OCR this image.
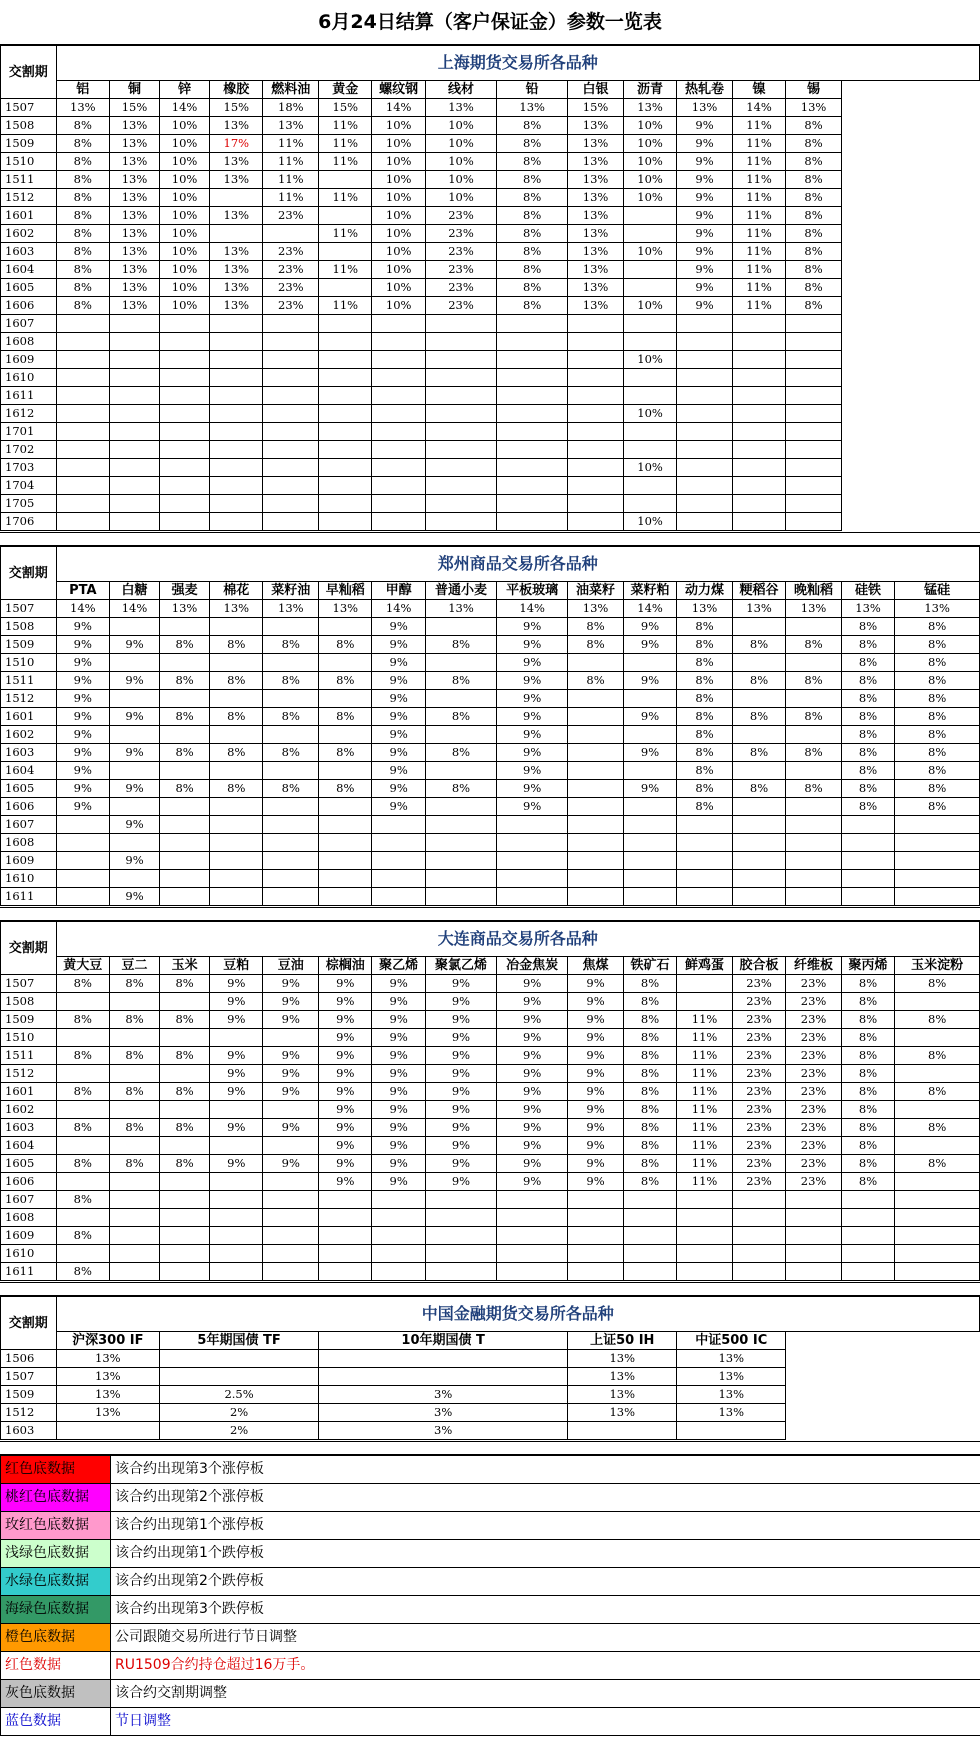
6月24日结算（客户保证金）参数一览表
交割期	上海期货交易所各品种														
	铝	铜	锌	橡胶	燃料油	黄金	螺纹钢	线材	铅	白银	沥青	热轧卷	镍	锡	
1507	13%	15%	14%	15%	18%	15%	14%	13%	13%	15%	13%	13%	14%	13%	
1508	8%	13%	10%	13%	13%	11%	10%	10%	8%	13%	10%	9%	11%	8%	
1509	8%	13%	10%	17%	11%	11%	10%	10%	8%	13%	10%	9%	11%	8%	
1510	8%	13%	10%	13%	11%	11%	10%	10%	8%	13%	10%	9%	11%	8%	
1511	8%	13%	10%	13%	11%		10%	10%	8%	13%	10%	9%	11%	8%	
1512	8%	13%	10%		11%	11%	10%	10%	8%	13%	10%	9%	11%	8%	
1601	8%	13%	10%	13%	23%		10%	23%	8%	13%		9%	11%	8%	
1602	8%	13%	10%			11%	10%	23%	8%	13%		9%	11%	8%	
1603	8%	13%	10%	13%	23%		10%	23%	8%	13%	10%	9%	11%	8%	
1604	8%	13%	10%	13%	23%	11%	10%	23%	8%	13%		9%	11%	8%	
1605	8%	13%	10%	13%	23%		10%	23%	8%	13%		9%	11%	8%	
1606	8%	13%	10%	13%	23%	11%	10%	23%	8%	13%	10%	9%	11%	8%	
1607															
1608															
1609											10%				
1610															
1611															
1612											10%				
1701															
1702															
1703											10%				
1704															
1705															
1706											10%				
交割期	郑州商品交易所各品种															
	PTA	白糖	强麦	棉花	菜籽油	早籼稻	甲醇	普通小麦	平板玻璃	油菜籽	菜籽粕	动力煤	粳稻谷	晚籼稻	硅铁	锰硅
1507	14%	14%	13%	13%	13%	13%	14%	13%	14%	13%	14%	13%	13%	13%	13%	13%
1508	9%						9%		9%	8%	9%	8%			8%	8%
1509	9%	9%	8%	8%	8%	8%	9%	8%	9%	8%	9%	8%	8%	8%	8%	8%
1510	9%						9%		9%			8%			8%	8%
1511	9%	9%	8%	8%	8%	8%	9%	8%	9%	8%	9%	8%	8%	8%	8%	8%
1512	9%						9%		9%			8%			8%	8%
1601	9%	9%	8%	8%	8%	8%	9%	8%	9%		9%	8%	8%	8%	8%	8%
1602	9%						9%		9%			8%			8%	8%
1603	9%	9%	8%	8%	8%	8%	9%	8%	9%		9%	8%	8%	8%	8%	8%
1604	9%						9%		9%			8%			8%	8%
1605	9%	9%	8%	8%	8%	8%	9%	8%	9%		9%	8%	8%	8%	8%	8%
1606	9%						9%		9%			8%			8%	8%
1607		9%														
1608																
1609		9%														
1610																
1611		9%														
交割期	大连商品交易所各品种															
	黄大豆	豆二	玉米	豆粕	豆油	棕榈油	聚乙烯	聚氯乙烯	冶金焦炭	焦煤	铁矿石	鲜鸡蛋	胶合板	纤维板	聚丙烯	玉米淀粉
1507	8%	8%	8%	9%	9%	9%	9%	9%	9%	9%	8%		23%	23%	8%	8%
1508				9%	9%	9%	9%	9%	9%	9%	8%		23%	23%	8%	
1509	8%	8%	8%	9%	9%	9%	9%	9%	9%	9%	8%	11%	23%	23%	8%	8%
1510						9%	9%	9%	9%	9%	8%	11%	23%	23%	8%	
1511	8%	8%	8%	9%	9%	9%	9%	9%	9%	9%	8%	11%	23%	23%	8%	8%
1512				9%	9%	9%	9%	9%	9%	9%	8%	11%	23%	23%	8%	
1601	8%	8%	8%	9%	9%	9%	9%	9%	9%	9%	8%	11%	23%	23%	8%	8%
1602						9%	9%	9%	9%	9%	8%	11%	23%	23%	8%	
1603	8%	8%	8%	9%	9%	9%	9%	9%	9%	9%	8%	11%	23%	23%	8%	8%
1604						9%	9%	9%	9%	9%	8%	11%	23%	23%	8%	
1605	8%	8%	8%	9%	9%	9%	9%	9%	9%	9%	8%	11%	23%	23%	8%	8%
1606						9%	9%	9%	9%	9%	8%	11%	23%	23%	8%	
1607	8%															
1608																
1609	8%															
1610																
1611	8%															
交割期	中国金融期货交易所各品种					
	沪深300 IF	5年期国债 TF	10年期国债 T	上证50 IH	中证500 IC	
1506	13%			13%	13%	
1507	13%			13%	13%	
1509	13%	2.5%	3%	13%	13%	
1512	13%	2%	3%	13%	13%	
1603		2%	3%			
红色底数据	该合约出现第3个涨停板
桃红色底数据	该合约出现第2个涨停板
玫红色底数据	该合约出现第1个涨停板
浅绿色底数据	该合约出现第1个跌停板
水绿色底数据	该合约出现第2个跌停板
海绿色底数据	该合约出现第3个跌停板
橙色底数据	公司跟随交易所进行节日调整
红色数据	RU1509合约持仓超过16万手。
灰色底数据	该合约交割期调整
蓝色数据	节日调整
